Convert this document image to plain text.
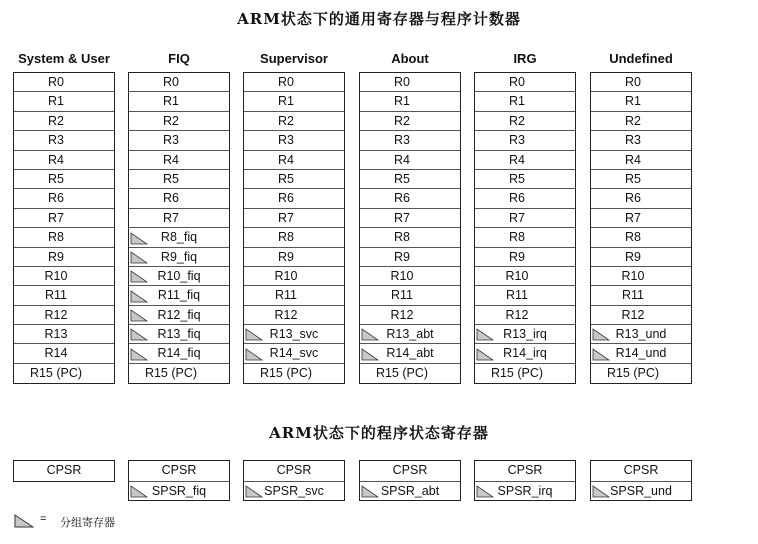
ARM状态下的通用寄存器与程序计数器
ARM状态下的程序状态寄存器
System & User
R0
R1
R2
R3
R4
R5
R6
R7
R8
R9
R10
R11
R12
R13
R14
R15 (PC)
CPSR
FIQ
R0
R1
R2
R3
R4
R5
R6
R7
R8_fiq
R9_fiq
R10_fiq
R11_fiq
R12_fiq
R13_fiq
R14_fiq
R15 (PC)
CPSR
SPSR_fiq
Supervisor
R0
R1
R2
R3
R4
R5
R6
R7
R8
R9
R10
R11
R12
R13_svc
R14_svc
R15 (PC)
CPSR
SPSR_svc
About
R0
R1
R2
R3
R4
R5
R6
R7
R8
R9
R10
R11
R12
R13_abt
R14_abt
R15 (PC)
CPSR
SPSR_abt
IRG
R0
R1
R2
R3
R4
R5
R6
R7
R8
R9
R10
R11
R12
R13_irq
R14_irq
R15 (PC)
CPSR
SPSR_irq
Undefined
R0
R1
R2
R3
R4
R5
R6
R7
R8
R9
R10
R11
R12
R13_und
R14_und
R15 (PC)
CPSR
SPSR_und
= 分组寄存器
